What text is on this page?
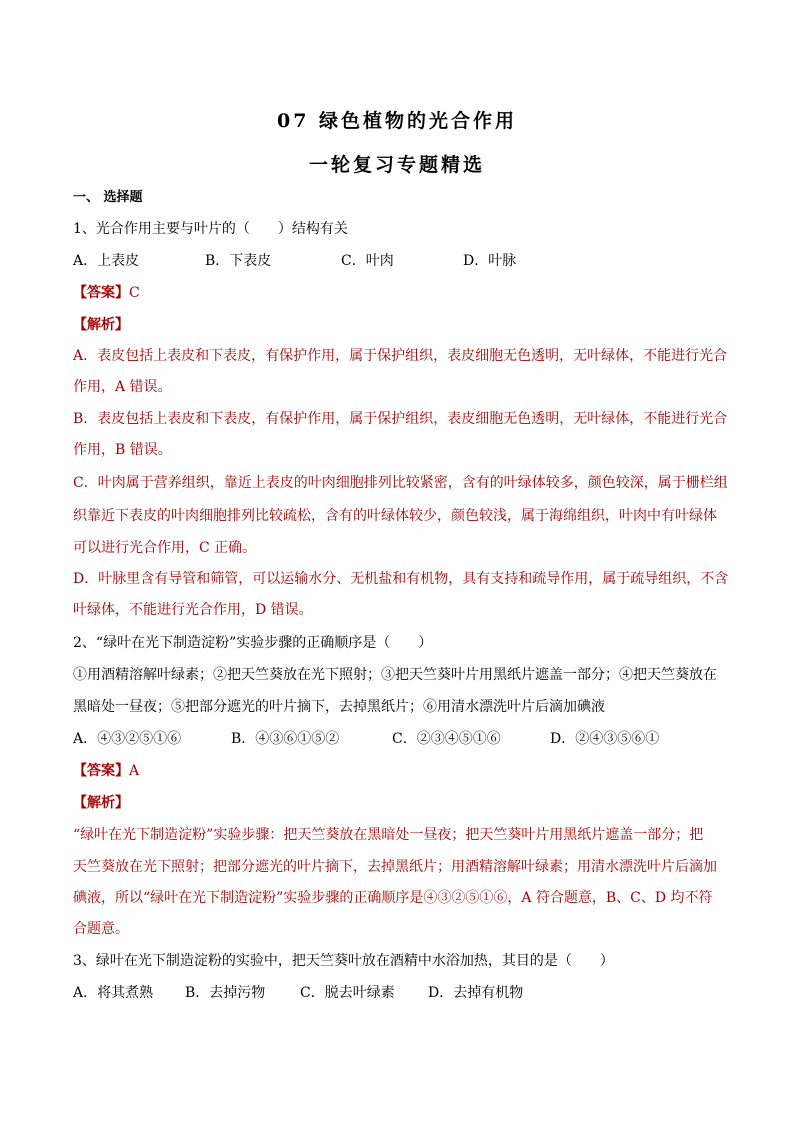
07 绿色植物的光合作用
一轮复习专题精选
一、 选择题
1、光合作用主要与叶片的（　　）结构有关
A．上表皮	B．下表皮	C．叶肉	D．叶脉
【答案】C
【解析】
A．表皮包括上表皮和下表皮，有保护作用，属于保护组织，表皮细胞无色透明，无叶绿体，不能进行光合
作用，A 错误。
B．表皮包括上表皮和下表皮，有保护作用，属于保护组织，表皮细胞无色透明，无叶绿体，不能进行光合
作用，B 错误。
C．叶肉属于营养组织，靠近上表皮的叶肉细胞排列比较紧密，含有的叶绿体较多，颜色较深，属于栅栏组
织靠近下表皮的叶肉细胞排列比较疏松，含有的叶绿体较少，颜色较浅，属于海绵组织，叶肉中有叶绿体
可以进行光合作用，C 正确。
D．叶脉里含有导管和筛管，可以运输水分、无机盐和有机物，具有支持和疏导作用，属于疏导组织，不含
叶绿体，不能进行光合作用，D 错误。
2、“绿叶在光下制造淀粉”实验步骤的正确顺序是（　　）
①用酒精溶解叶绿素；②把天竺葵放在光下照射；③把天竺葵叶片用黑纸片遮盖一部分；④把天竺葵放在
黑暗处一昼夜；⑤把部分遮光的叶片摘下，去掉黑纸片；⑥用清水漂洗叶片后滴加碘液
A．④③②⑤①⑥	B．④③⑥①⑤②	C．②③④⑤①⑥	D．②④③⑤⑥①
【答案】A
【解析】
“绿叶在光下制造淀粉”实验步骤：把天竺葵放在黑暗处一昼夜；把天竺葵叶片用黑纸片遮盖一部分；把
天竺葵放在光下照射；把部分遮光的叶片摘下，去掉黑纸片；用酒精溶解叶绿素；用清水漂洗叶片后滴加
碘液，所以“绿叶在光下制造淀粉”实验步骤的正确顺序是④③②⑤①⑥，A 符合题意，B、C、D 均不符
合题意。
3、绿叶在光下制造淀粉的实验中，把天竺葵叶放在酒精中水浴加热，其目的是（　　）
A．将其煮熟 B．去掉污物 C．脱去叶绿素 D．去掉有机物
